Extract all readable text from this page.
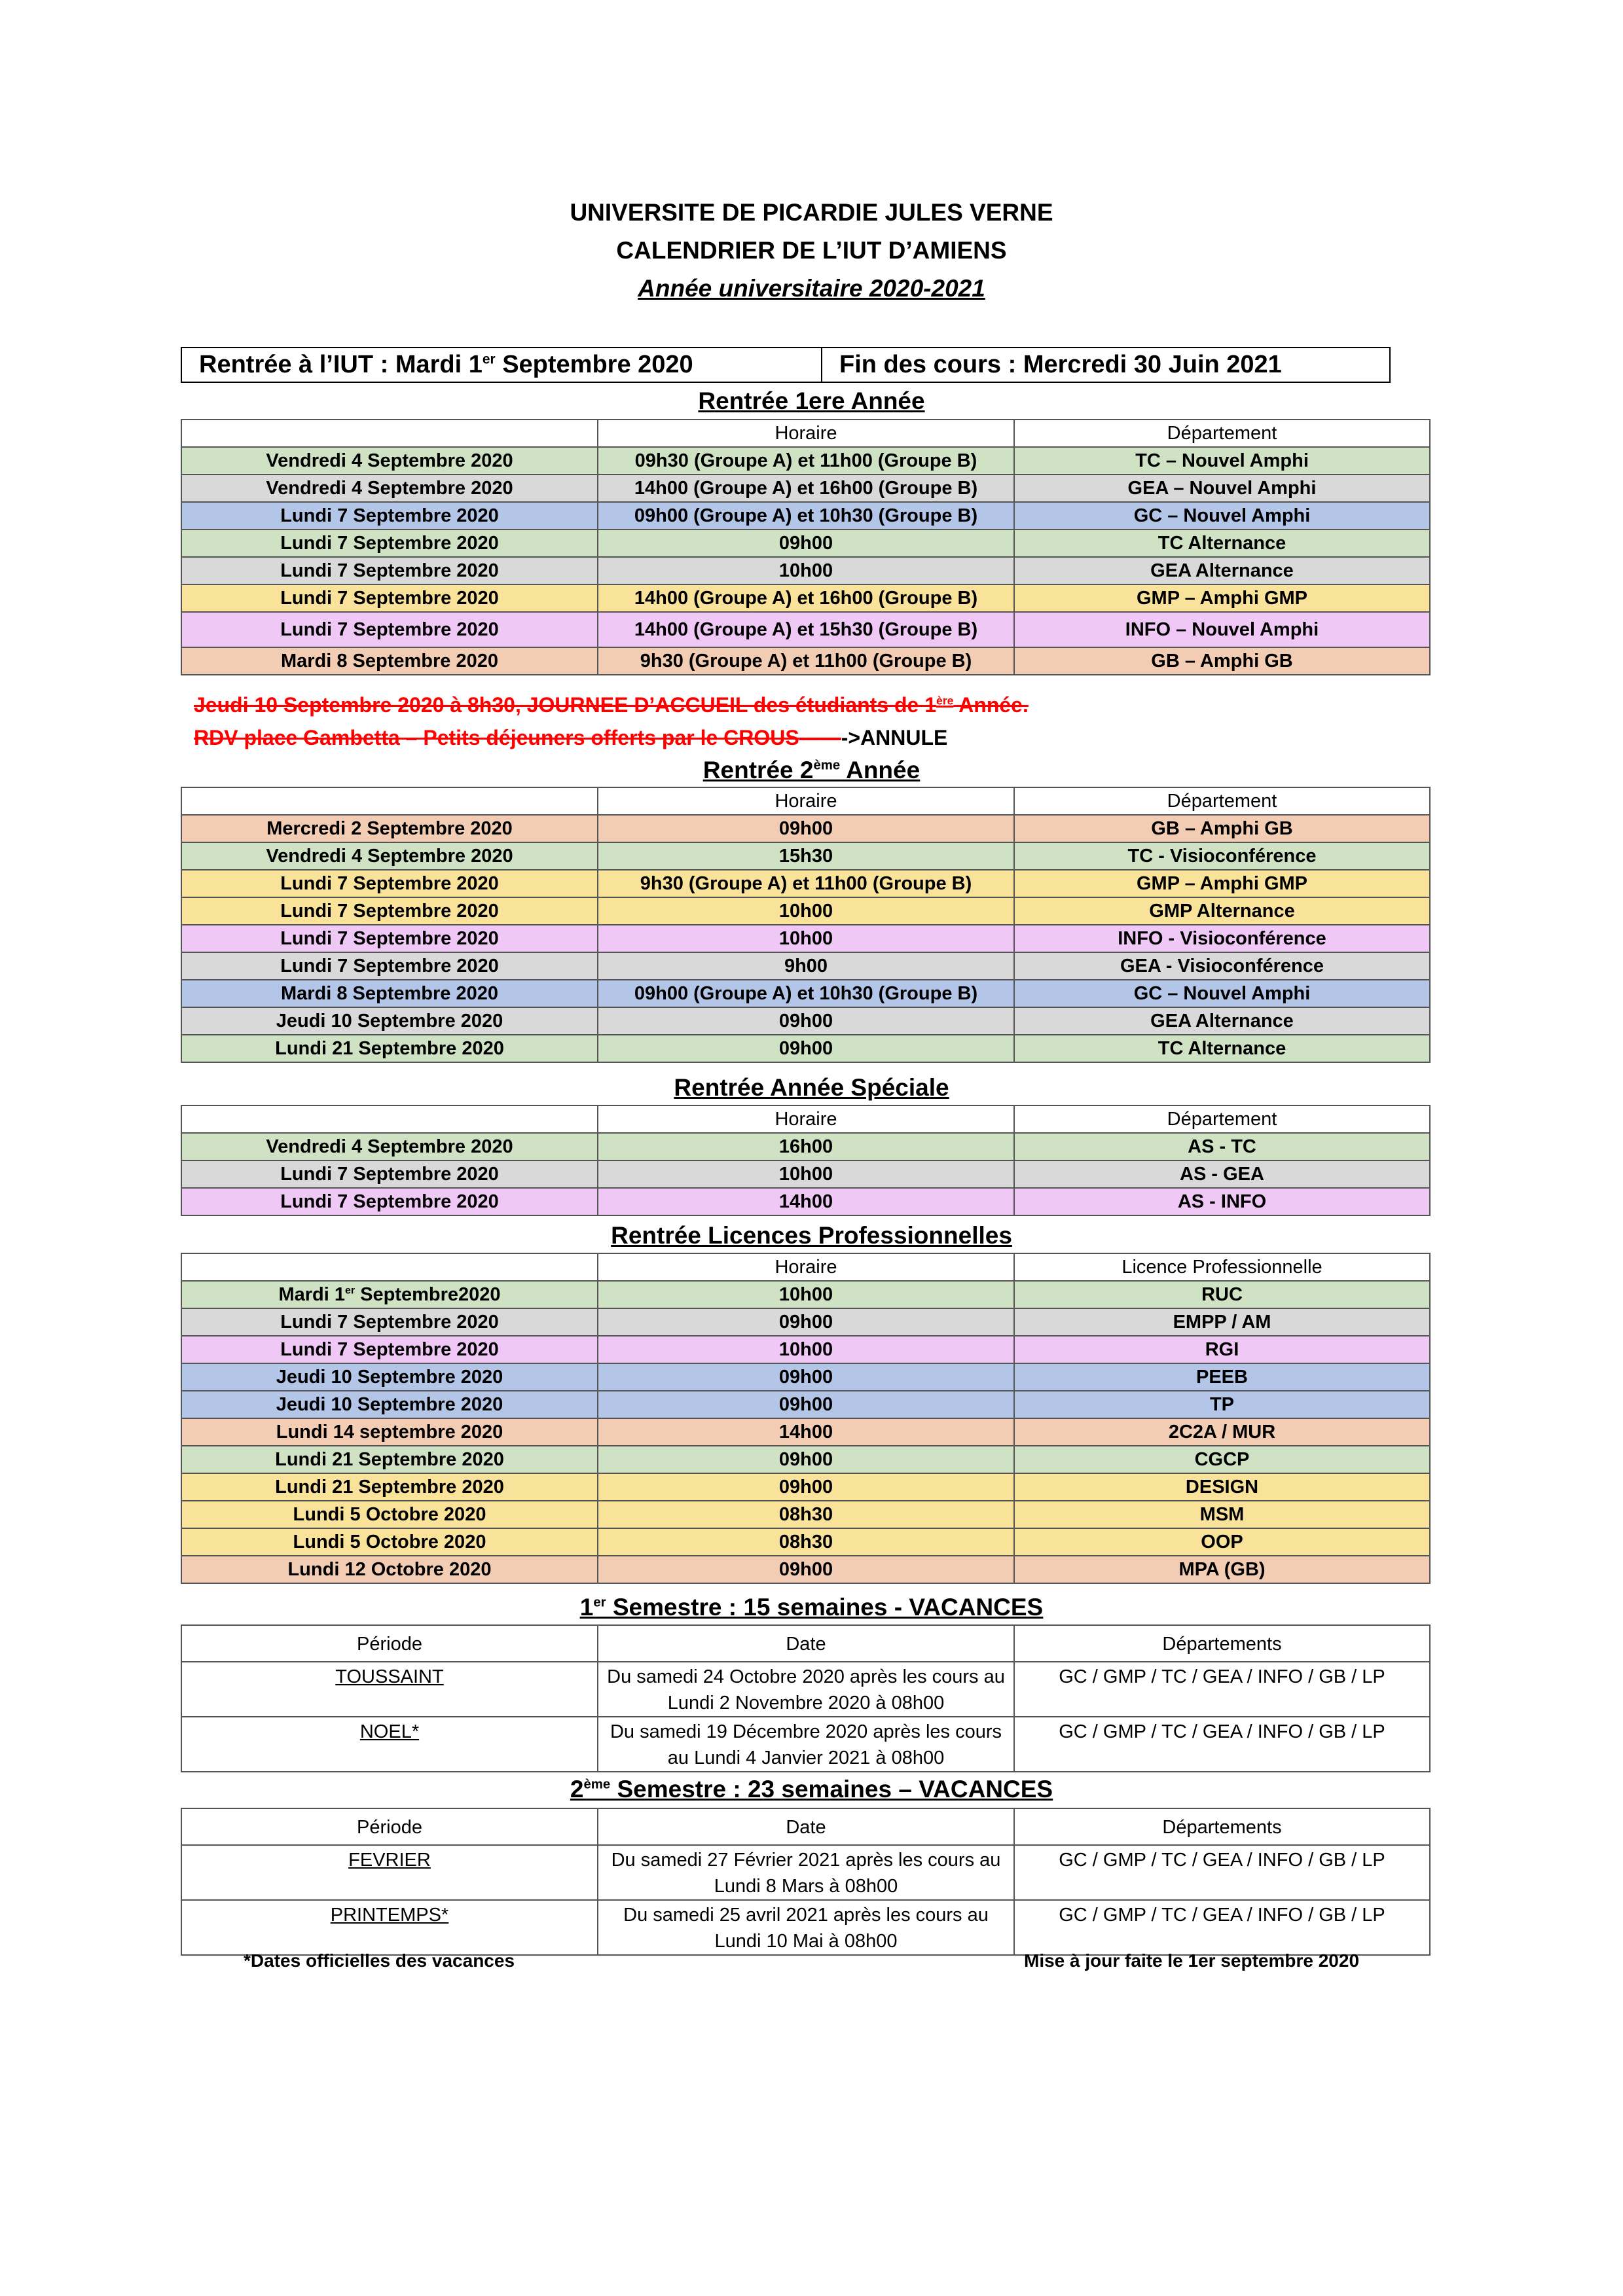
UNIVERSITE DE PICARDIE JULES VERNE
CALENDRIER DE L’IUT D’AMIENS
Année universitaire 2020-2021
Rentrée à l’IUT : Mardi 1er Septembre 2020	Fin des cours : Mercredi 30 Juin 2021
Rentrée 1ere Année
	Horaire	Département
Vendredi 4 Septembre 2020	09h30 (Groupe A) et 11h00 (Groupe B)	TC – Nouvel Amphi
Vendredi 4 Septembre 2020	14h00 (Groupe A) et 16h00 (Groupe B)	GEA – Nouvel Amphi
Lundi 7 Septembre 2020	09h00 (Groupe A) et 10h30 (Groupe B)	GC – Nouvel Amphi
Lundi 7 Septembre 2020	09h00	TC Alternance
Lundi 7 Septembre 2020	10h00	GEA Alternance
Lundi 7 Septembre 2020	14h00 (Groupe A) et 16h00 (Groupe B)	GMP – Amphi GMP
Lundi 7 Septembre 2020	14h00 (Groupe A) et 15h30 (Groupe B)	INFO – Nouvel Amphi
Mardi 8 Septembre 2020	9h30 (Groupe A) et 11h00 (Groupe B)	GB – Amphi GB
Jeudi 10 Septembre 2020 à 8h30, JOURNEE D’ACCUEIL des étudiants de 1ère Année.
RDV place Gambetta – Petits déjeuners offerts par le CROUS——->ANNULE
Rentrée 2ème Année
	Horaire	Département
Mercredi 2 Septembre 2020	09h00	GB – Amphi GB
Vendredi 4 Septembre 2020	15h30	TC - Visioconférence
Lundi 7 Septembre 2020	9h30 (Groupe A) et 11h00 (Groupe B)	GMP – Amphi GMP
Lundi 7 Septembre 2020	10h00	GMP Alternance
Lundi 7 Septembre 2020	10h00	INFO - Visioconférence
Lundi 7 Septembre 2020	9h00	GEA - Visioconférence
Mardi 8 Septembre 2020	09h00 (Groupe A) et 10h30 (Groupe B)	GC – Nouvel Amphi
Jeudi 10 Septembre 2020	09h00	GEA Alternance
Lundi 21 Septembre 2020	09h00	TC Alternance
Rentrée Année Spéciale
	Horaire	Département
Vendredi 4 Septembre 2020	16h00	AS - TC
Lundi 7 Septembre 2020	10h00	AS - GEA
Lundi 7 Septembre 2020	14h00	AS - INFO
Rentrée Licences Professionnelles
	Horaire	Licence Professionnelle
Mardi 1er Septembre2020	10h00	RUC
Lundi 7 Septembre 2020	09h00	EMPP / AM
Lundi 7 Septembre 2020	10h00	RGI
Jeudi 10 Septembre 2020	09h00	PEEB
Jeudi 10 Septembre 2020	09h00	TP
Lundi 14 septembre 2020	14h00	2C2A / MUR
Lundi 21 Septembre 2020	09h00	CGCP
Lundi 21 Septembre 2020	09h00	DESIGN
Lundi 5 Octobre 2020	08h30	MSM
Lundi 5 Octobre 2020	08h30	OOP
Lundi 12 Octobre 2020	09h00	MPA (GB)
1er Semestre : 15 semaines - VACANCES
Période	Date	Départements
TOUSSAINT	Du samedi 24 Octobre 2020 après les cours au Lundi 2 Novembre 2020 à 08h00	GC / GMP / TC / GEA / INFO / GB / LP
NOEL*	Du samedi 19 Décembre 2020 après les cours au Lundi 4 Janvier 2021 à 08h00	GC / GMP / TC / GEA / INFO / GB / LP
2ème Semestre : 23 semaines – VACANCES
Période	Date	Départements
FEVRIER	Du samedi 27 Février 2021 après les cours au Lundi 8 Mars à 08h00	GC / GMP / TC / GEA / INFO / GB / LP
PRINTEMPS*	Du samedi 25 avril 2021 après les cours au Lundi 10 Mai à 08h00	GC / GMP / TC / GEA / INFO / GB / LP
*Dates officielles des vacances	Mise à jour faite le 1er septembre 2020
